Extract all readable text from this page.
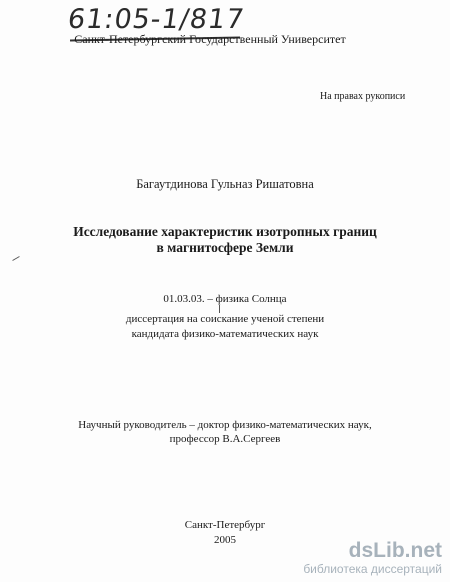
61:05-1/817
Санкт-Петербургский Государственный Университет
На правах рукописи
Багаутдинова Гульназ Ришатовна
Исследование характеристик изотропных границ
в магнитосфере Земли
01.03.03. – физика Солнца
диссертация на соискание ученой степени
кандидата физико-математических наук
Научный руководитель – доктор физико-математических наук,
профессор В.А.Сергеев
Санкт-Петербург
2005	dsLib.net
библиотека диссертаций
